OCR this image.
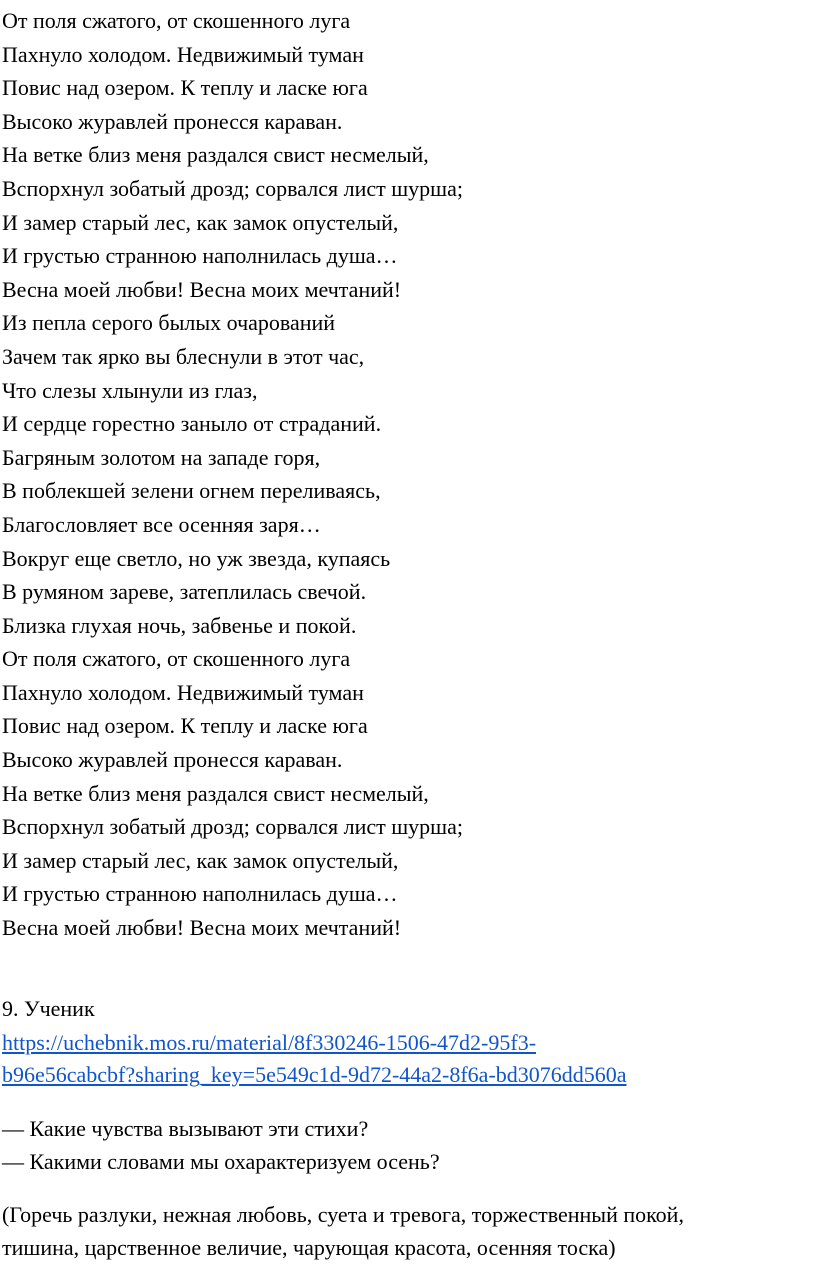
От поля сжатого, от скошенного луга
Пахнуло холодом. Недвижимый туман
Повис над озером. К теплу и ласке юга
Высоко журавлей пронесся караван.
На ветке близ меня раздался свист несмелый,
Вспорхнул зобатый дрозд; сорвался лист шурша;
И замер старый лес, как замок опустелый,
И грустью странною наполнилась душа…
Весна моей любви! Весна моих мечтаний!
Из пепла серого былых очарований
Зачем так ярко вы блеснули в этот час,
Что слезы хлынули из глаз,
И сердце горестно заныло от страданий.
Багряным золотом на западе горя,
В поблекшей зелени огнем переливаясь,
Благословляет все осенняя заря…
Вокруг еще светло, но уж звезда, купаясь
В румяном зареве, затеплилась свечой.
Близка глухая ночь, забвенье и покой.
От поля сжатого, от скошенного луга
Пахнуло холодом. Недвижимый туман
Повис над озером. К теплу и ласке юга
Высоко журавлей пронесся караван.
На ветке близ меня раздался свист несмелый,
Вспорхнул зобатый дрозд; сорвался лист шурша;
И замер старый лес, как замок опустелый,
И грустью странною наполнилась душа…
Весна моей любви! Весна моих мечтаний!
9. Ученик
https://uchebnik.mos.ru/material/8f330246-1506-47d2-95f3-
b96e56cabcbf?sharing_key=5e549c1d-9d72-44a2-8f6a-bd3076dd560a
— Какие чувства вызывают эти стихи?
— Какими словами мы охарактеризуем осень?
(Горечь разлуки, нежная любовь, суета и тревога, торжественный покой,
тишина, царственное величие, чарующая красота, осенняя тоска)
